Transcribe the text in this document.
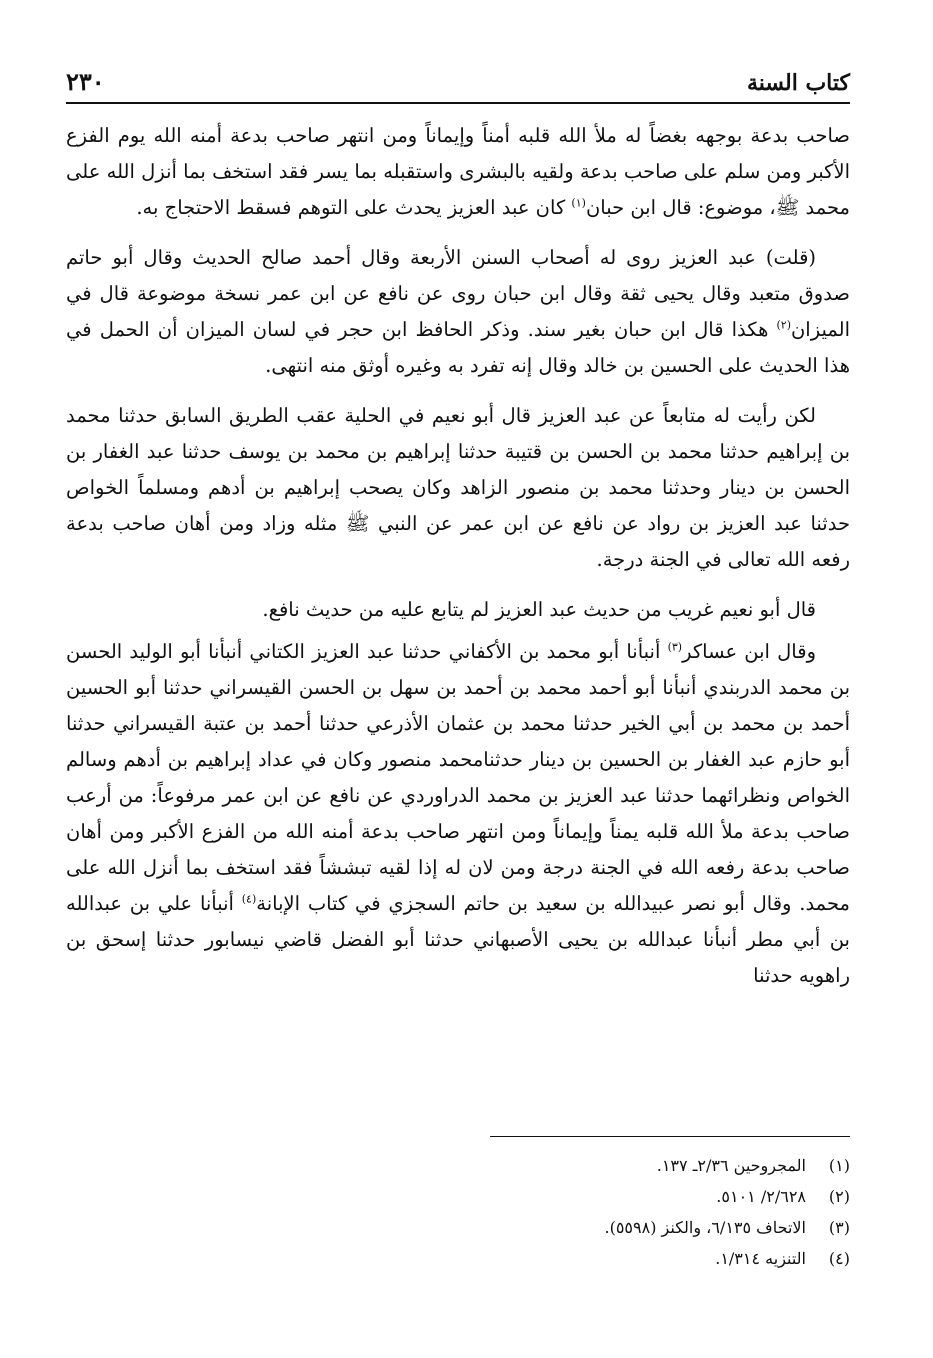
كتاب السنة
٢٣٠

صاحب بدعة بوجهه بغضاً له ملأ الله قلبه أمناً وإيماناً ومن انتهر صاحب بدعة أمنه الله يوم الفزع الأكبر ومن سلم على صاحب بدعة ولقيه بالبشرى واستقبله بما يسر فقد استخف بما أنزل الله على محمد ﷺ، موضوع: قال ابن حبان$^{(١)}$ كان عبد العزيز يحدث على التوهم فسقط الاحتجاج به.

(قلت) عبد العزيز روى له أصحاب السنن الأربعة وقال أحمد صالح الحديث وقال أبو حاتم صدوق متعبد وقال يحيى ثقة وقال ابن حبان روى عن نافع عن ابن عمر نسخة موضوعة قال في الميزان$^{(٢)}$ هكذا قال ابن حبان بغير سند. وذكر الحافظ ابن حجر في لسان الميزان أن الحمل في هذا الحديث على الحسين بن خالد وقال إنه تفرد به وغيره أوثق منه انتهى.

لكن رأيت له متابعاً عن عبد العزيز قال أبو نعيم في الحلية عقب الطريق السابق حدثنا محمد بن إبراهيم حدثنا محمد بن الحسن بن قتيبة حدثنا إبراهيم بن محمد بن يوسف حدثنا عبد الغفار بن الحسن بن دينار وحدثنا محمد بن منصور الزاهد وكان يصحب إبراهيم بن أدهم ومسلماً الخواص حدثنا عبد العزيز بن رواد عن نافع عن ابن عمر عن النبي ﷺ مثله وزاد ومن أهان صاحب بدعة رفعه الله تعالى في الجنة درجة.

قال أبو نعيم غريب من حديث عبد العزيز لم يتابع عليه من حديث نافع.

وقال ابن عساكر$^{(٣)}$ أنبأنا أبو محمد بن الأكفاني حدثنا عبد العزيز الكتاني أنبأنا أبو الوليد الحسن بن محمد الدربندي أنبأنا أبو أحمد محمد بن أحمد بن سهل بن الحسن القيسراني حدثنا أبو الحسين أحمد بن محمد بن أبي الخير حدثنا محمد بن عثمان الأذرعي حدثنا أحمد بن عتبة القيسراني حدثنا أبو حازم عبد الغفار بن الحسين بن دينار حدثنامحمد منصور وكان في عداد إبراهيم بن أدهم وسالم الخواص ونظرائهما حدثنا عبد العزيز بن محمد الدراوردي عن نافع عن ابن عمر مرفوعاً: من أرعب صاحب بدعة ملأ الله قلبه يمناً وإيماناً ومن انتهر صاحب بدعة أمنه الله من الفزع الأكبر ومن أهان صاحب بدعة رفعه الله في الجنة درجة ومن لان له إذا لقيه تبششاً فقد استخف بما أنزل الله على محمد. وقال أبو نصر عبيدالله بن سعيد بن حاتم السجزي في كتاب الإبانة$^{(٤)}$ أنبأنا علي بن عبدالله بن أبي مطر أنبأنا عبدالله بن يحيى الأصبهاني حدثنا أبو الفضل قاضي نيسابور حدثنا إسحق بن راهويه حدثنا

(١)
المجروحين ٢/٣٦ـ ١٣٧.
(٢)
٢/٦٢٨/ ٥١٠١.
(٣)
الاتحاف ٦/١٣٥، والكنز (٥٥٩٨).
(٤)
التنزيه ١/٣١٤.
